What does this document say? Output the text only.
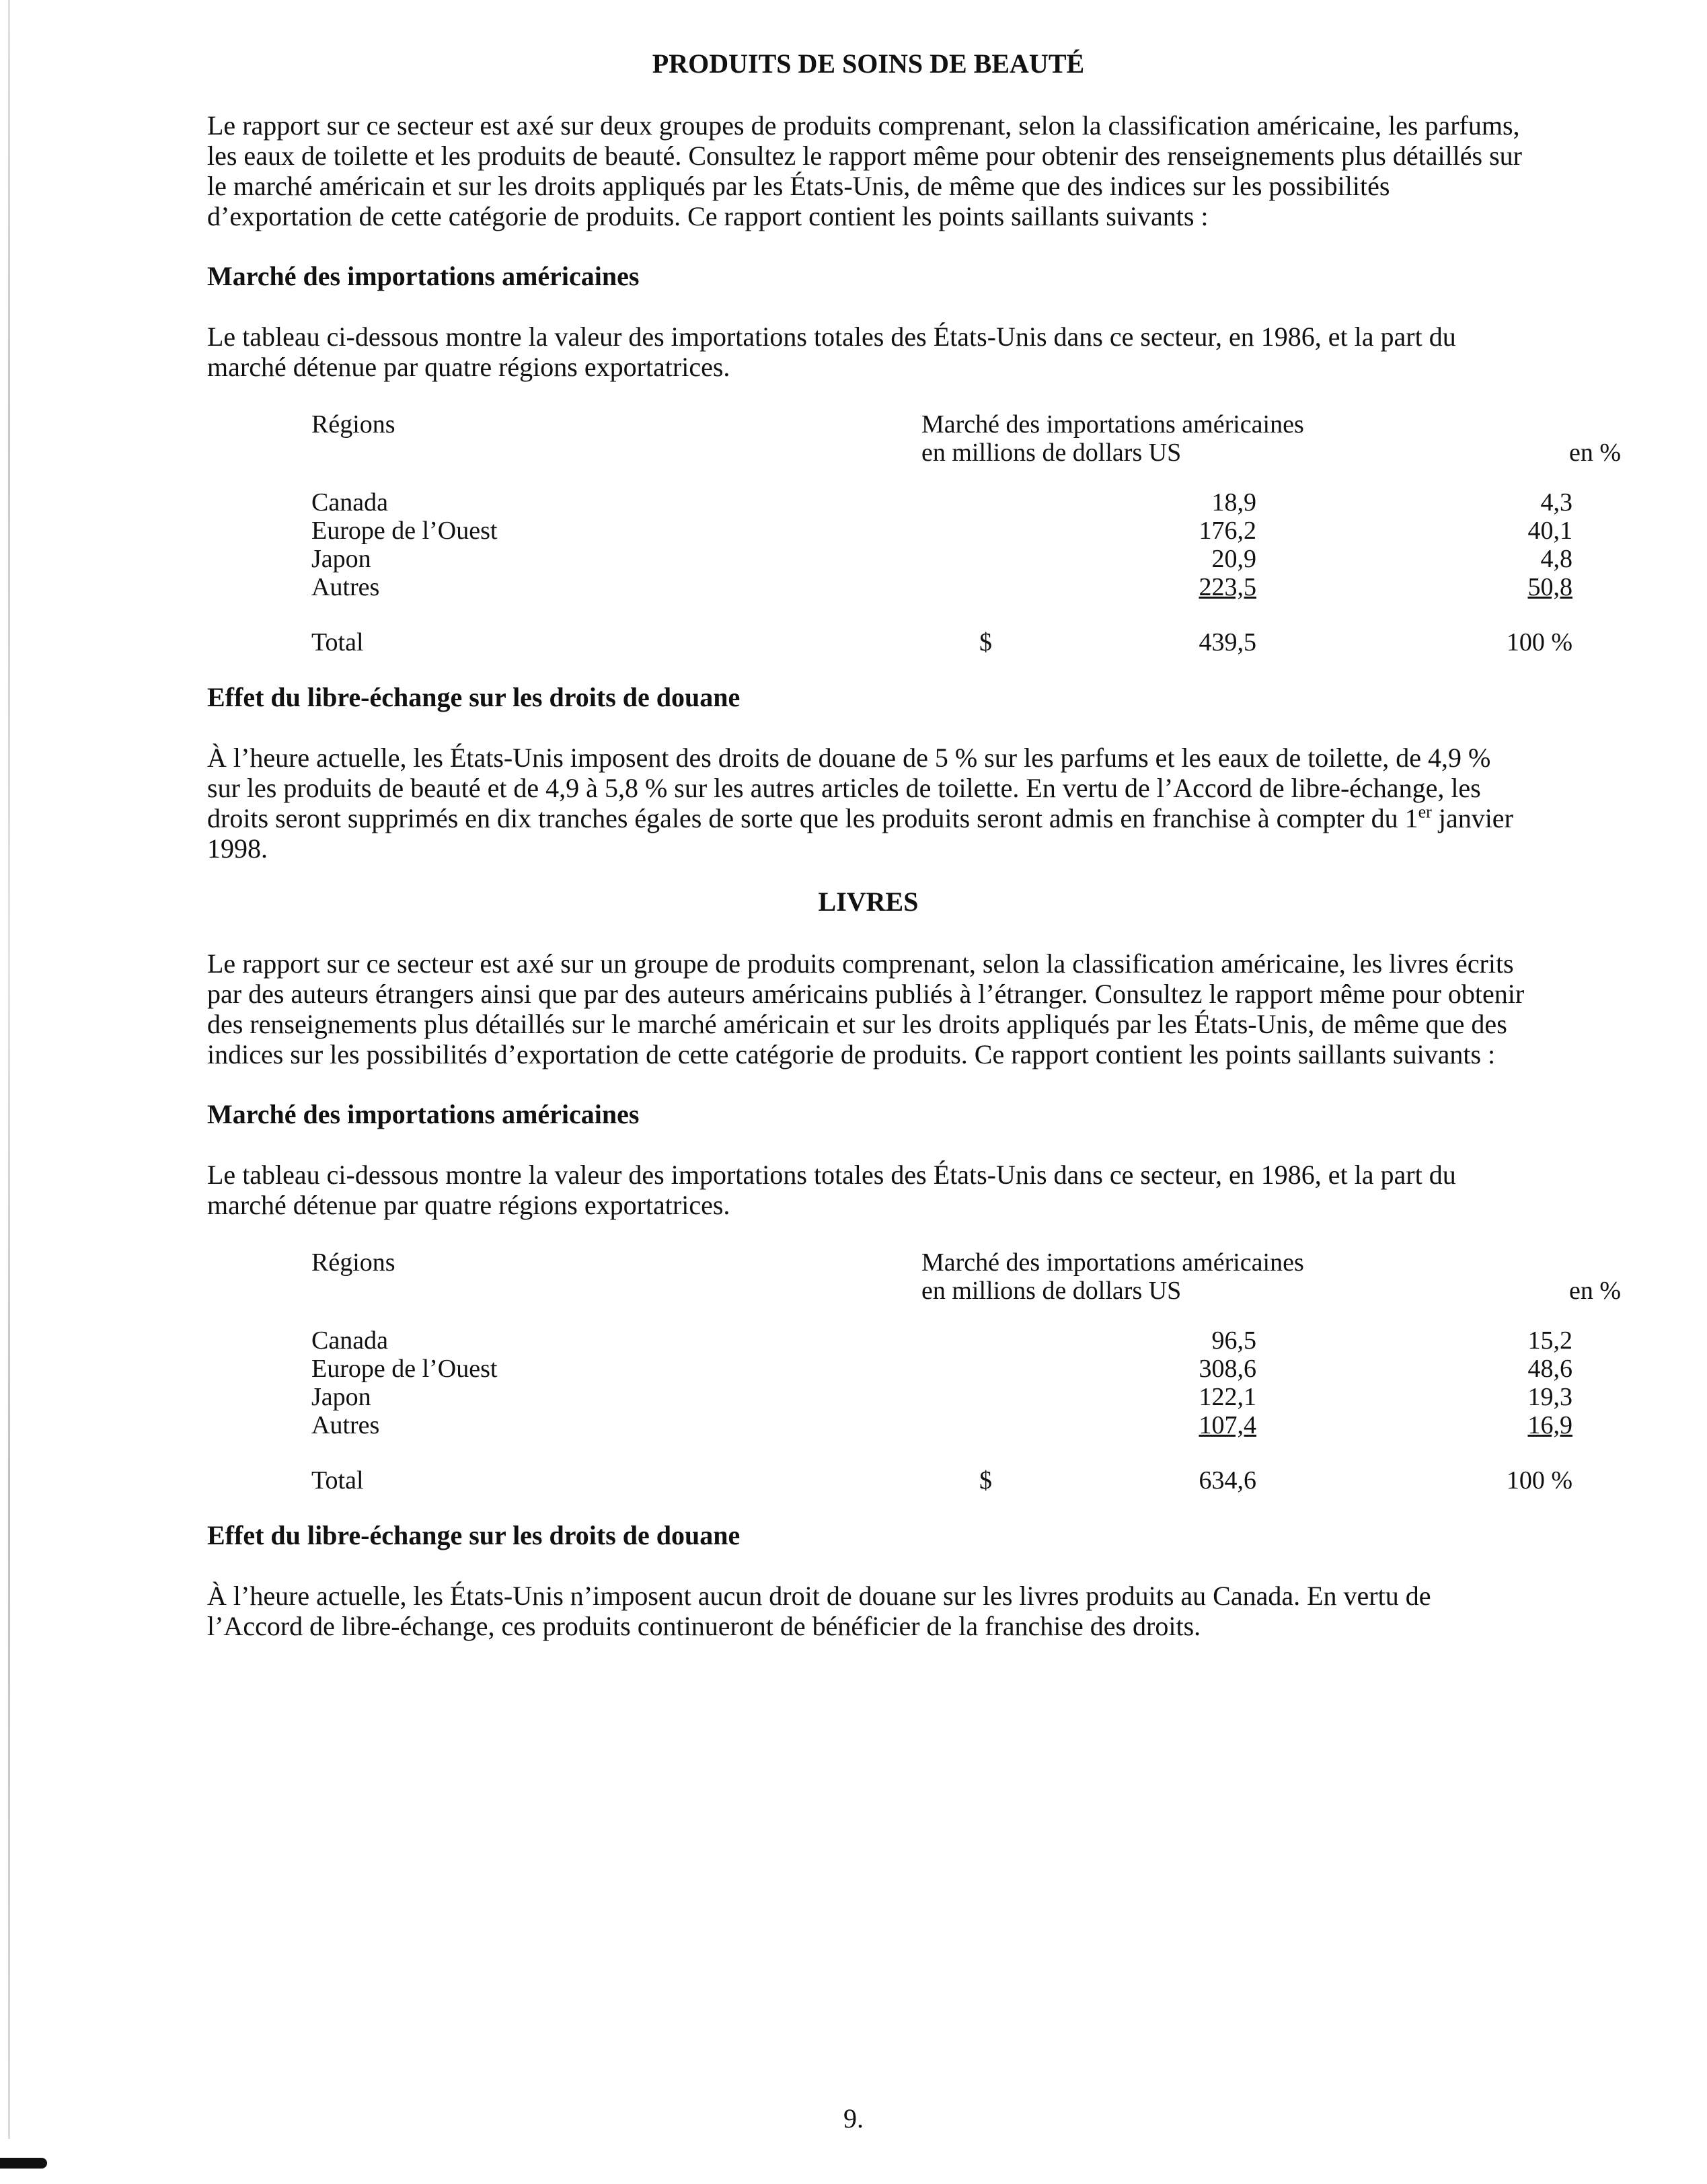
PRODUITS DE SOINS DE BEAUTÉ

Le rapport sur ce secteur est axé sur deux groupes de produits comprenant, selon la classification américaine, les parfums, les eaux de toilette et les produits de beauté. Consultez le rapport même pour obtenir des renseignements plus détaillés sur le marché américain et sur les droits appliqués par les États-Unis, de même que des indices sur les possibilités d’exportation de cette catégorie de produits. Ce rapport contient les points saillants suivants :

Marché des importations américaines

Le tableau ci-dessous montre la valeur des importations totales des États-Unis dans ce secteur, en 1986, et la part du marché détenue par quatre régions exportatrices.

Régions	Marché des importations américaines
en millions de dollars US	en %
Canada	18,9	4,3
Europe de l’Ouest	176,2	40,1
Japon	20,9	4,8
Autres	223,5	50,8
Total	$	439,5	100 %
Effet du libre-échange sur les droits de douane

À l’heure actuelle, les États-Unis imposent des droits de douane de 5 % sur les parfums et les eaux de toilette, de 4,9 % sur les produits de beauté et de 4,9 à 5,8 % sur les autres articles de toilette. En vertu de l’Accord de libre-échange, les droits seront supprimés en dix tranches égales de sorte que les produits seront admis en franchise à compter du 1er janvier 1998.

LIVRES

Le rapport sur ce secteur est axé sur un groupe de produits comprenant, selon la classification américaine, les livres écrits par des auteurs étrangers ainsi que par des auteurs américains publiés à l’étranger. Consultez le rapport même pour obtenir des renseignements plus détaillés sur le marché américain et sur les droits appliqués par les États-Unis, de même que des indices sur les possibilités d’exportation de cette catégorie de produits. Ce rapport contient les points saillants suivants :

Marché des importations américaines

Le tableau ci-dessous montre la valeur des importations totales des États-Unis dans ce secteur, en 1986, et la part du marché détenue par quatre régions exportatrices.

Régions	Marché des importations américaines
en millions de dollars US	en %
Canada	96,5	15,2
Europe de l’Ouest	308,6	48,6
Japon	122,1	19,3
Autres	107,4	16,9
Total	$	634,6	100 %
Effet du libre-échange sur les droits de douane

À l’heure actuelle, les États-Unis n’imposent aucun droit de douane sur les livres produits au Canada. En vertu de l’Accord de libre-échange, ces produits continueront de bénéficier de la franchise des droits.

9.
